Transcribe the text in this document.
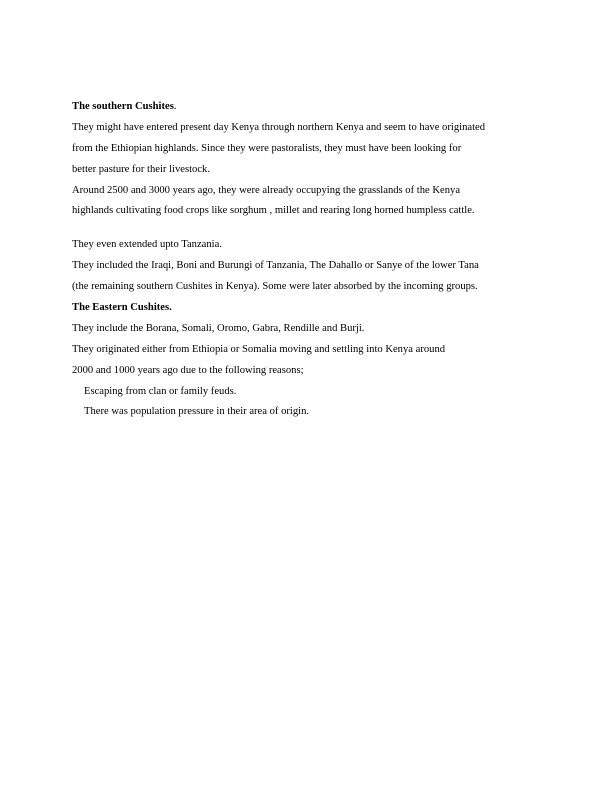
The southern Cushites.
They might have entered present day Kenya through northern Kenya and seem to have originated
from the Ethiopian highlands. Since they were pastoralists, they must have been looking for
better pasture for their livestock.
Around 2500 and 3000 years ago, they were already occupying the grasslands of the Kenya
highlands cultivating food crops like sorghum , millet and rearing long horned humpless cattle.
They even extended upto Tanzania.
They included the Iraqi, Boni and Burungi of Tanzania, The Dahallo or Sanye of the lower Tana
(the remaining southern Cushites in Kenya). Some were later absorbed by the incoming groups.
The Eastern Cushites.
They include the Borana, Somali, Oromo, Gabra, Rendille and Burji.
They originated either from Ethiopia or Somalia moving and settling into Kenya around
2000 and 1000 years ago due to the following reasons;
Escaping from clan or family feuds.
There was population pressure in their area of origin.
